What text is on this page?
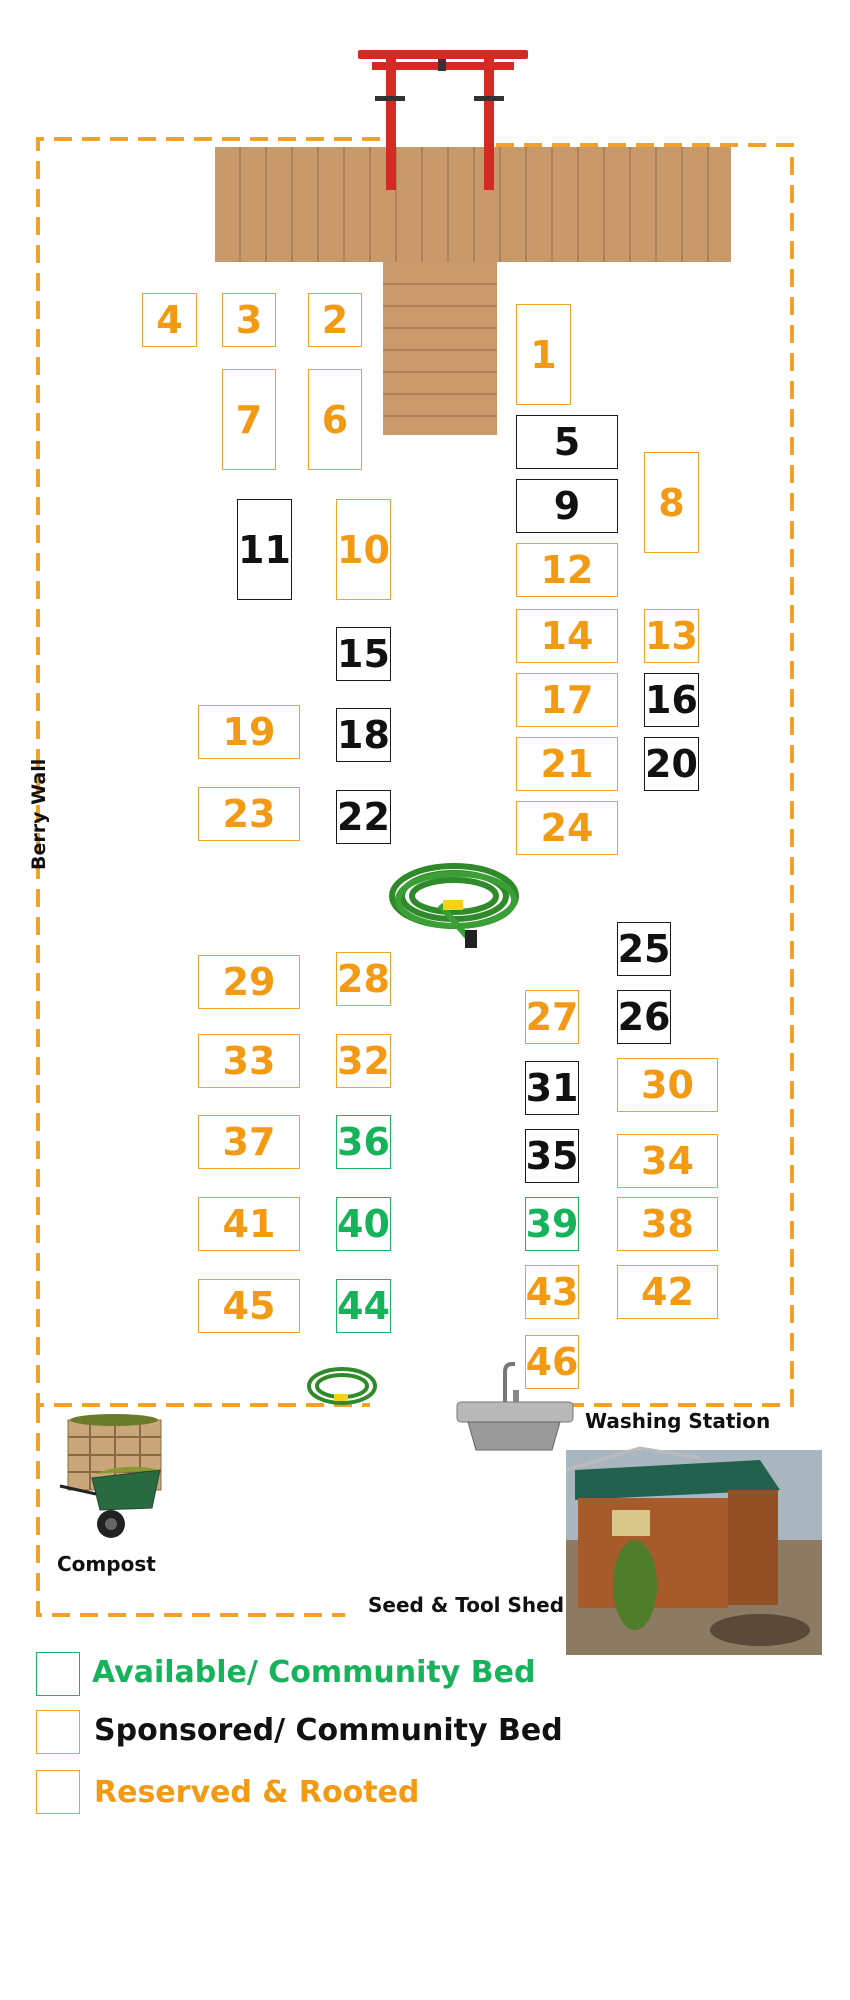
1
2
3
4
5
6
7
8
9
10
11	12
13
14
15
16
17
18
19
20
21
22
23	24
25
26
27
28
29
30
31
32
33
34
35
36
37
38
39
40
41
42
43
44
45
46
Berry Wall
Washing Station
Compost
Seed & Tool Shed
Available/ Community Bed
Sponsored/ Community Bed
Reserved & Rooted
